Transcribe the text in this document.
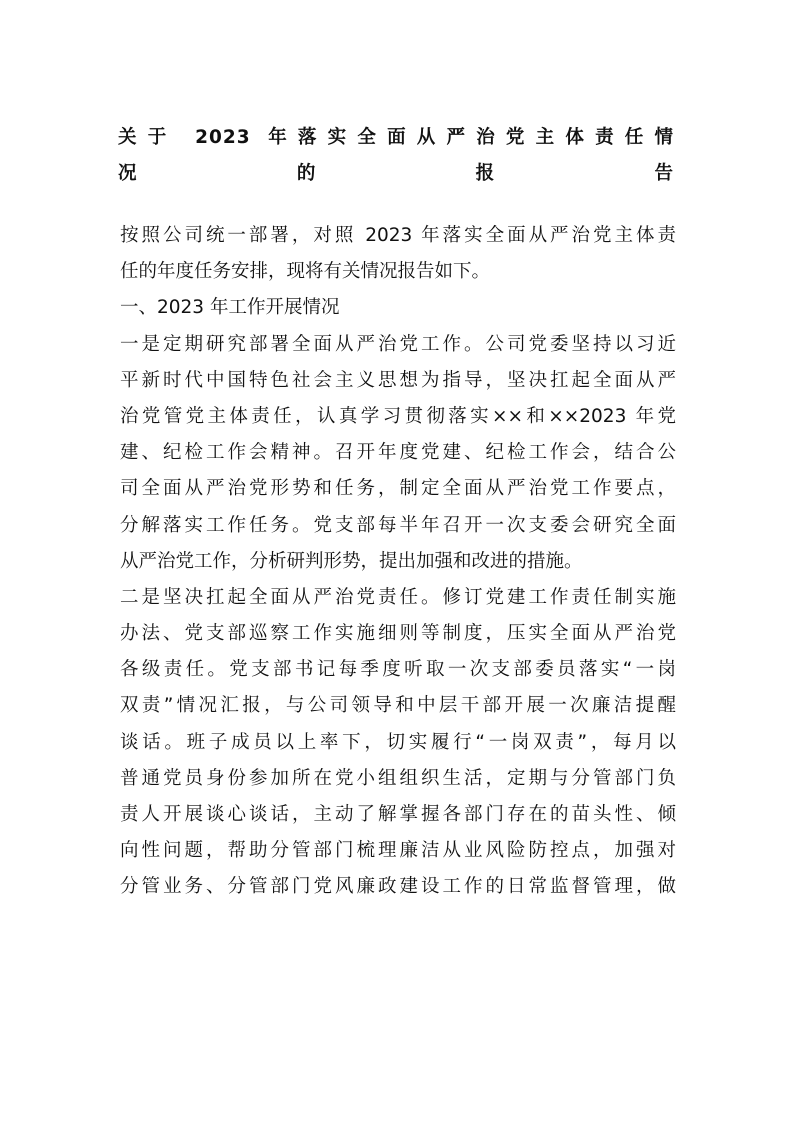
关于 2023 年落实全面从严治党主体责任情
况的报告
按照公司统一部署，对照 2023 年落实全面从严治党主体责
任的年度任务安排，现将有关情况报告如下。
一、2023 年工作开展情况
一是定期研究部署全面从严治党工作。公司党委坚持以习近
平新时代中国特色社会主义思想为指导，坚决扛起全面从严
治党管党主体责任，认真学习贯彻落实××和××2023 年党
建、纪检工作会精神。召开年度党建、纪检工作会，结合公
司全面从严治党形势和任务，制定全面从严治党工作要点，
分解落实工作任务。党支部每半年召开一次支委会研究全面
从严治党工作，分析研判形势，提出加强和改进的措施。
二是坚决扛起全面从严治党责任。修订党建工作责任制实施
办法、党支部巡察工作实施细则等制度，压实全面从严治党
各级责任。党支部书记每季度听取一次支部委员落实“一岗
双责”情况汇报，与公司领导和中层干部开展一次廉洁提醒
谈话。班子成员以上率下，切实履行“一岗双责”，每月以
普通党员身份参加所在党小组组织生活，定期与分管部门负
责人开展谈心谈话，主动了解掌握各部门存在的苗头性、倾
向性问题，帮助分管部门梳理廉洁从业风险防控点，加强对
分管业务、分管部门党风廉政建设工作的日常监督管理，做
